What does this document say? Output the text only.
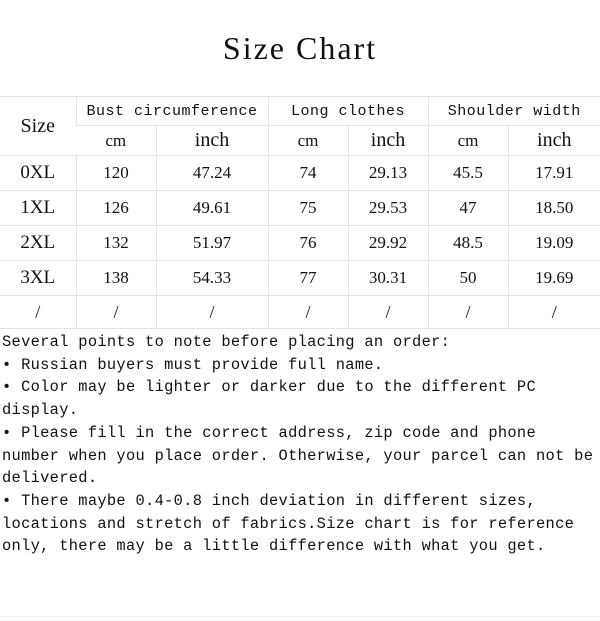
Size Chart
Size	Bust circumference		Long clothes		Shoulder width	
	cm	inch	cm	inch	cm	inch
0XL	120	47.24	74	29.13	45.5	17.91
1XL	126	49.61	75	29.53	47	18.50
2XL	132	51.97	76	29.92	48.5	19.09
3XL	138	54.33	77	30.31	50	19.69
/	/	/	/	/	/	/

Several points to note before placing an order:

• Russian buyers must provide full name.

• Color may be lighter or darker due to the different PC display.

• Please fill in the correct address, zip code and phone number when you place order. Otherwise, your parcel can not be delivered.

• There maybe 0.4-0.8 inch deviation in different sizes, locations and stretch of fabrics.Size chart is for reference only, there may be a little difference with what you get.
